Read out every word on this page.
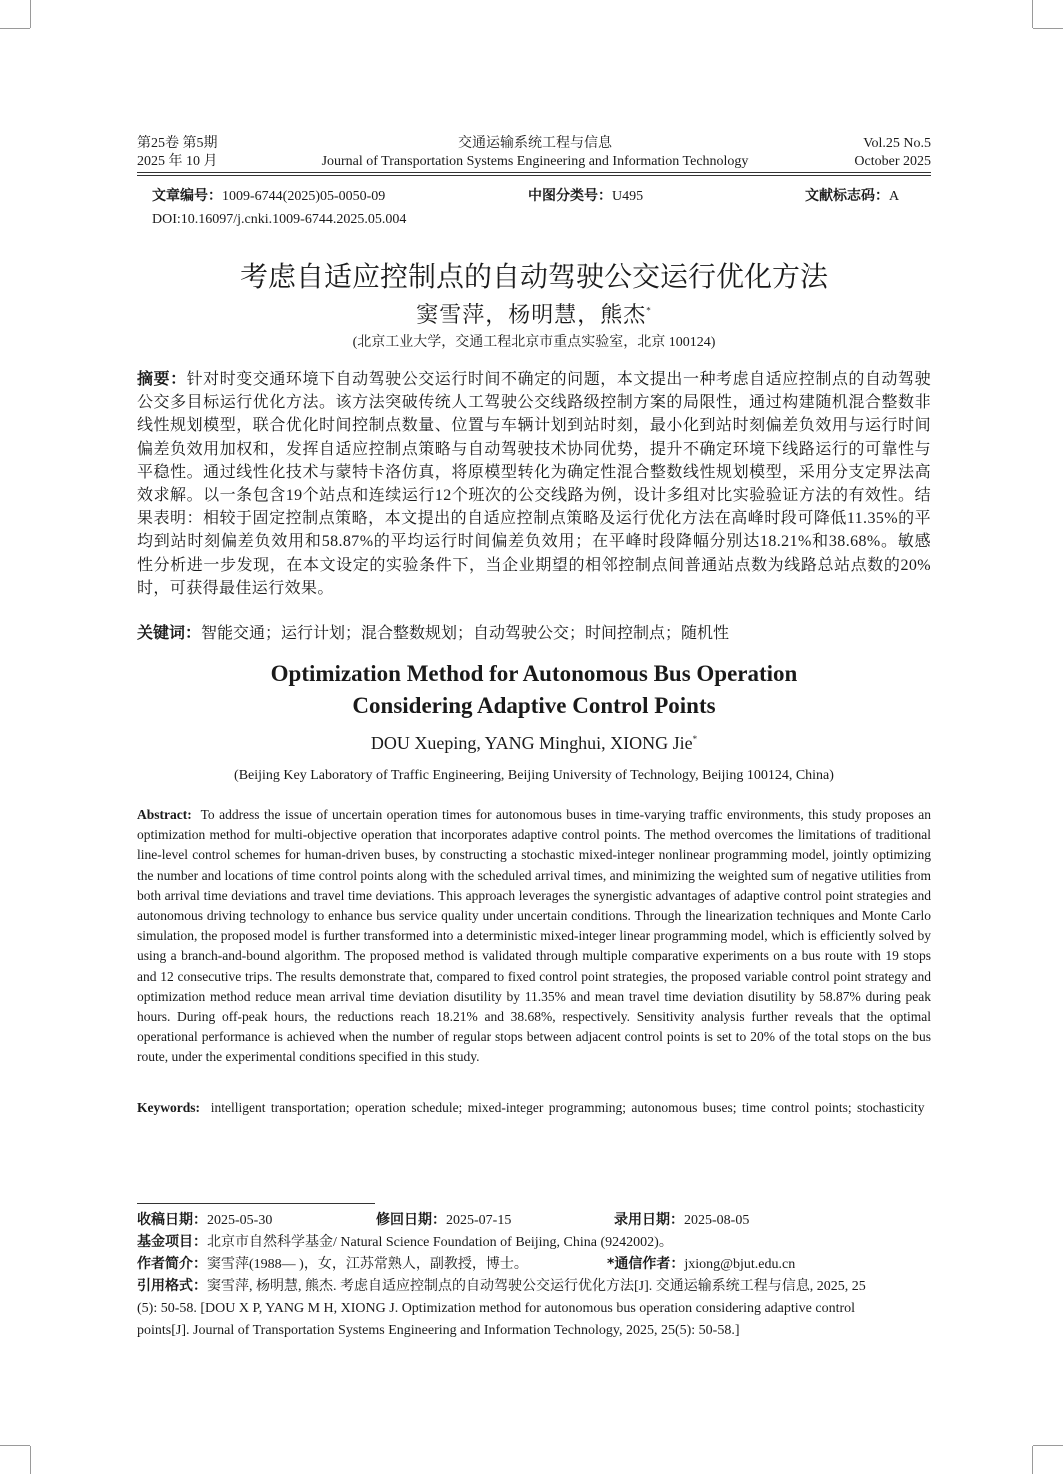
第25卷 第5期
2025 年 10 月
交通运输系统工程与信息
Journal of Transportation Systems Engineering and Information Technology
Vol.25 No.5
October 2025
文章编号：1009-6744(2025)05-0050-09	中图分类号：U495	文献标志码：A
DOI:10.16097/j.cnki.1009-6744.2025.05.004
考虑自适应控制点的自动驾驶公交运行优化方法
窦雪萍，杨明慧，熊杰*
(北京工业大学，交通工程北京市重点实验室，北京 100124)
摘要：针对时变交通环境下自动驾驶公交运行时间不确定的问题，本文提出一种考虑自适应控制点的自动驾驶公交多目标运行优化方法。该方法突破传统人工驾驶公交线路级控制方案的局限性，通过构建随机混合整数非线性规划模型，联合优化时间控制点数量、位置与车辆计划到站时刻，最小化到站时刻偏差负效用与运行时间偏差负效用加权和，发挥自适应控制点策略与自动驾驶技术协同优势，提升不确定环境下线路运行的可靠性与平稳性。通过线性化技术与蒙特卡洛仿真，将原模型转化为确定性混合整数线性规划模型，采用分支定界法高效求解。以一条包含19个站点和连续运行12个班次的公交线路为例，设计多组对比实验验证方法的有效性。结果表明：相较于固定控制点策略，本文提出的自适应控制点策略及运行优化方法在高峰时段可降低11.35%的平均到站时刻偏差负效用和58.87%的平均运行时间偏差负效用；在平峰时段降幅分别达18.21%和38.68%。敏感性分析进一步发现，在本文设定的实验条件下，当企业期望的相邻控制点间普通站点数为线路总站点数的20%时，可获得最佳运行效果。
关键词：智能交通；运行计划；混合整数规划；自动驾驶公交；时间控制点；随机性
Optimization Method for Autonomous Bus Operation
Considering Adaptive Control Points
DOU Xueping, YANG Minghui, XIONG Jie*
(Beijing Key Laboratory of Traffic Engineering, Beijing University of Technology, Beijing 100124, China)
Abstract: To address the issue of uncertain operation times for autonomous buses in time-varying traffic environments, this study proposes an optimization method for multi-objective operation that incorporates adaptive control points. The method overcomes the limitations of traditional line-level control schemes for human-driven buses, by constructing a stochastic mixed-integer nonlinear programming model, jointly optimizing the number and locations of time control points along with the scheduled arrival times, and minimizing the weighted sum of negative utilities from both arrival time deviations and travel time deviations. This approach leverages the synergistic advantages of adaptive control point strategies and autonomous driving technology to enhance bus service quality under uncertain conditions. Through the linearization techniques and Monte Carlo simulation, the proposed model is further transformed into a deterministic mixed-integer linear programming model, which is efficiently solved by using a branch-and-bound algorithm. The proposed method is validated through multiple comparative experiments on a bus route with 19 stops and 12 consecutive trips. The results demonstrate that, compared to fixed control point strategies, the proposed variable control point strategy and optimization method reduce mean arrival time deviation disutility by 11.35% and mean travel time deviation disutility by 58.87% during peak hours. During off-peak hours, the reductions reach 18.21% and 38.68%, respectively. Sensitivity analysis further reveals that the optimal operational performance is achieved when the number of regular stops between adjacent control points is set to 20% of the total stops on the bus route, under the experimental conditions specified in this study.
Keywords: intelligent transportation; operation schedule; mixed-integer programming; autonomous buses; time control points; stochasticity
收稿日期：2025-05-30	修回日期：2025-07-15	录用日期：2025-08-05
基金项目：北京市自然科学基金/ Natural Science Foundation of Beijing, China (9242002)。
作者简介：窦雪萍(1988— )，女，江苏常熟人，副教授，博士。	*通信作者：jxiong@bjut.edu.cn
引用格式：窦雪萍, 杨明慧, 熊杰. 考虑自适应控制点的自动驾驶公交运行优化方法[J]. 交通运输系统工程与信息, 2025, 25
(5): 50-58. [DOU X P, YANG M H, XIONG J. Optimization method for autonomous bus operation considering adaptive control
points[J]. Journal of Transportation Systems Engineering and Information Technology, 2025, 25(5): 50-58.]
